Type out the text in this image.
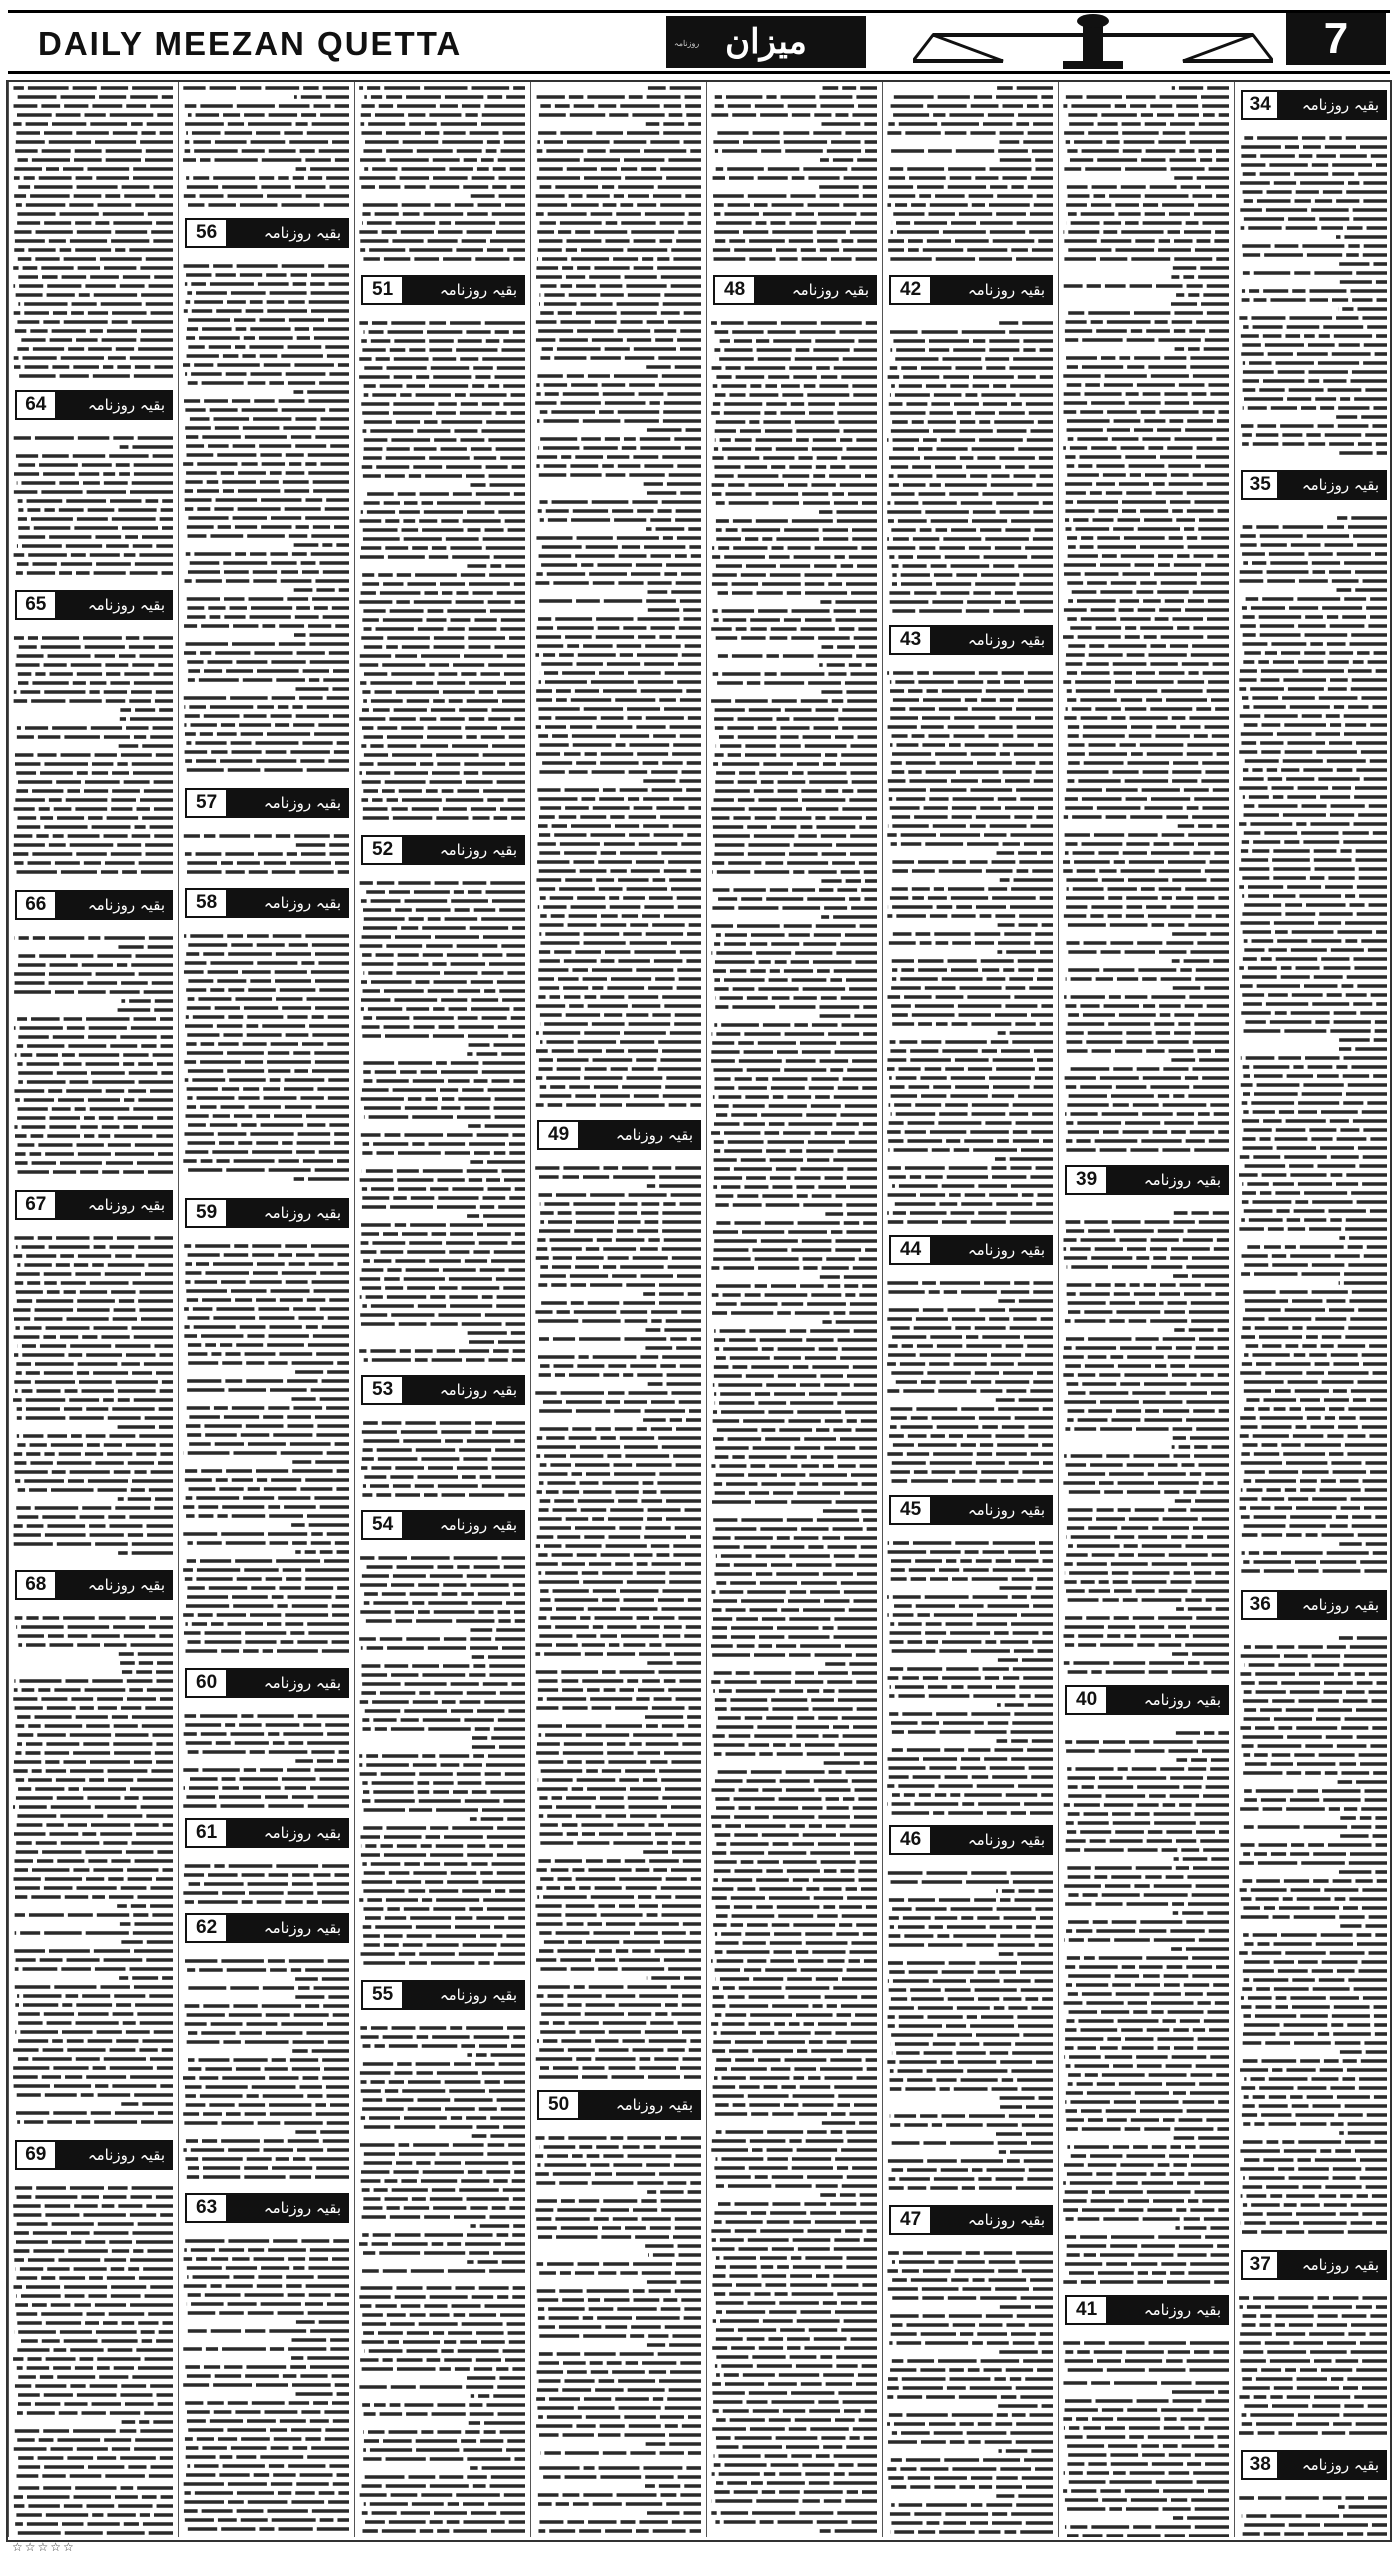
DAILY MEEZAN QUETTA	روزنامہ میزان	7
بقیہ روزنامہ میزان کوئٹہ
34
بقیہ روزنامہ میزان کوئٹہ
35
بقیہ روزنامہ میزان کوئٹہ
36
بقیہ روزنامہ میزان کوئٹہ
37
بقیہ روزنامہ میزان کوئٹہ
38
بقیہ روزنامہ میزان کوئٹہ
39
بقیہ روزنامہ میزان کوئٹہ
40
بقیہ روزنامہ میزان کوئٹہ
41
بقیہ روزنامہ میزان کوئٹہ
42
بقیہ روزنامہ میزان کوئٹہ
43
بقیہ روزنامہ میزان کوئٹہ
44
بقیہ روزنامہ میزان کوئٹہ
45
بقیہ روزنامہ میزان کوئٹہ
46
بقیہ روزنامہ میزان کوئٹہ
47
بقیہ روزنامہ میزان کوئٹہ
48
بقیہ روزنامہ میزان کوئٹہ
49
بقیہ روزنامہ میزان کوئٹہ
50
بقیہ روزنامہ میزان کوئٹہ
51
بقیہ روزنامہ میزان کوئٹہ
52
بقیہ روزنامہ میزان کوئٹہ
53
بقیہ روزنامہ میزان کوئٹہ
54
بقیہ روزنامہ میزان کوئٹہ
55
بقیہ روزنامہ میزان کوئٹہ
56
بقیہ روزنامہ میزان کوئٹہ
57
بقیہ روزنامہ میزان کوئٹہ
58
بقیہ روزنامہ میزان کوئٹہ
59
بقیہ روزنامہ میزان کوئٹہ
60
بقیہ روزنامہ میزان کوئٹہ
61
بقیہ روزنامہ میزان کوئٹہ
62
بقیہ روزنامہ میزان کوئٹہ
63
بقیہ روزنامہ میزان کوئٹہ
64
بقیہ روزنامہ میزان کوئٹہ
65
بقیہ روزنامہ میزان کوئٹہ
66
بقیہ روزنامہ میزان کوئٹہ
67
بقیہ روزنامہ میزان کوئٹہ
68
بقیہ روزنامہ میزان کوئٹہ
69
☆☆☆☆☆
